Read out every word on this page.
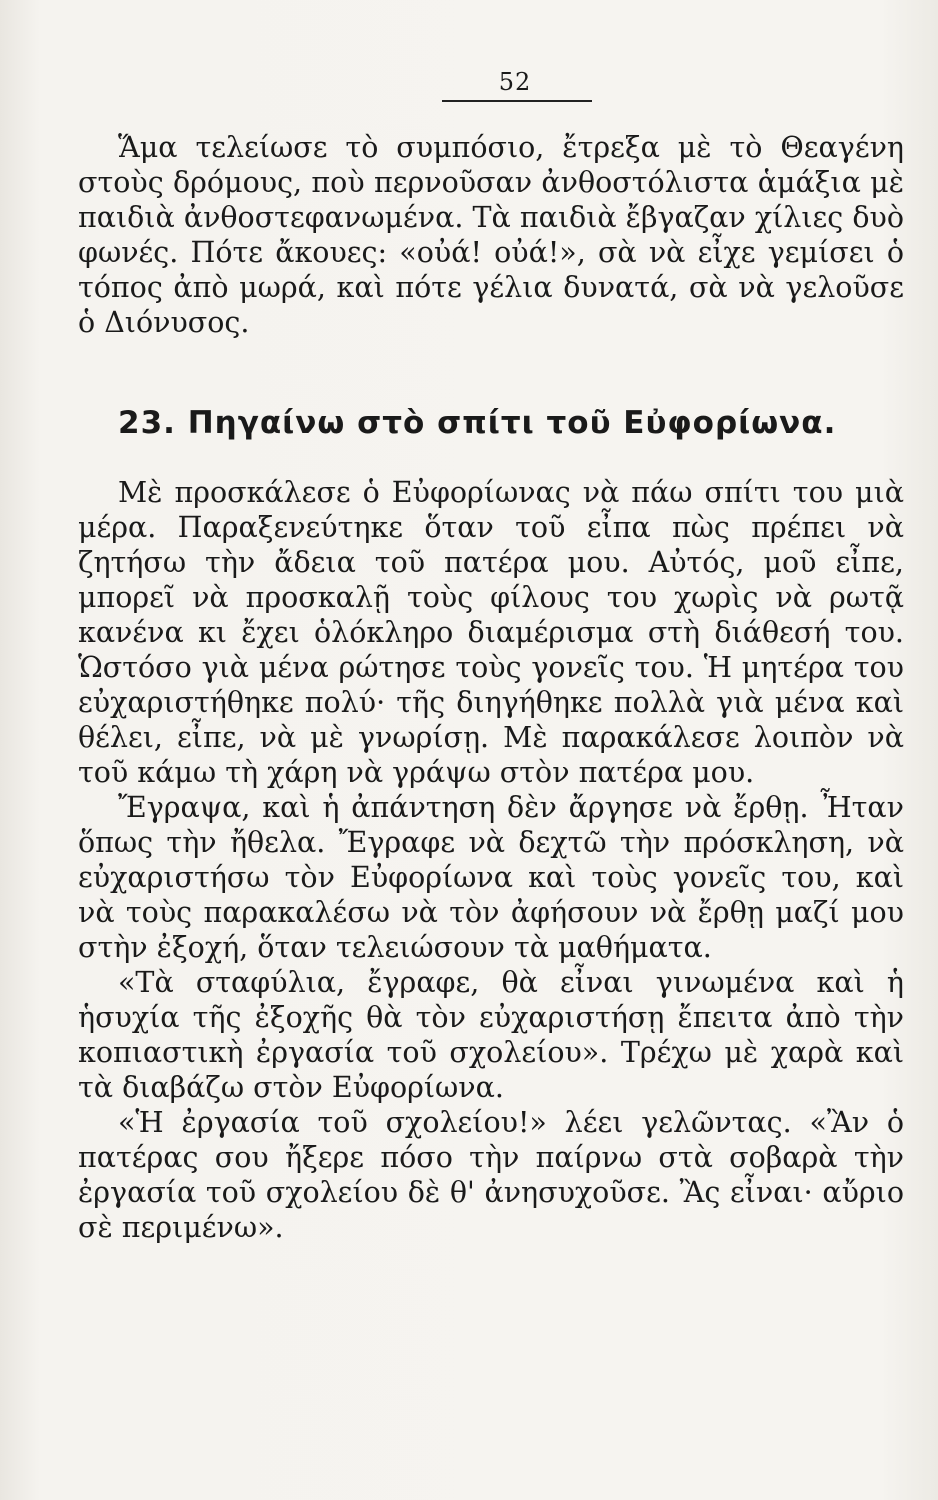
52

Ἅμα τελείωσε τὸ συμπόσιο, ἔτρεξα μὲ τὸ Θεαγένη στοὺς δρόμους, ποὺ περνοῦσαν ἀνθοστόλιστα ἁμάξια μὲ παιδιὰ ἀνθοστεφανωμένα. Τὰ παιδιὰ ἔβγαζαν χίλιες δυὸ φωνές. Πότε ἄκουες: «οὐά! οὐά!», σὰ νὰ εἶχε γεμίσει ὁ τόπος ἀπὸ μωρά, καὶ πότε γέλια δυνατά, σὰ νὰ γελοῦσε ὁ Διόνυσος.

23. Πηγαίνω στὸ σπίτι τοῦ Εὐφορίωνα.

Μὲ προσκάλεσε ὁ Εὐφορίωνας νὰ πάω σπίτι του μιὰ μέρα. Παραξενεύτηκε ὅταν τοῦ εἶπα πὼς πρέπει νὰ ζητήσω τὴν ἄδεια τοῦ πατέρα μου. Αὐτός, μοῦ εἶπε, μπορεῖ νὰ προσκαλῇ τοὺς φίλους του χωρὶς νὰ ρωτᾷ κανένα κι ἔχει ὁλόκληρο διαμέρισμα στὴ διάθεσή του. Ὡστόσο γιὰ μένα ρώτησε τοὺς γονεῖς του. Ἡ μητέρα του εὐχαριστήθηκε πολύ· τῆς διηγήθηκε πολλὰ γιὰ μένα καὶ θέλει, εἶπε, νὰ μὲ γνωρίσῃ. Μὲ παρακάλεσε λοιπὸν νὰ τοῦ κάμω τὴ χάρη νὰ γράψω στὸν πατέρα μου.

Ἔγραψα, καὶ ἡ ἀπάντηση δὲν ἄργησε νὰ ἔρθῃ. Ἦταν ὅπως τὴν ἤθελα. Ἔγραφε νὰ δεχτῶ τὴν πρόσκληση, νὰ εὐχαριστήσω τὸν Εὐφορίωνα καὶ τοὺς γονεῖς του, καὶ νὰ τοὺς παρακαλέσω νὰ τὸν ἀφήσουν νὰ ἔρθῃ μαζί μου στὴν ἐξοχή, ὅταν τελειώσουν τὰ μαθήματα.

«Τὰ σταφύλια, ἔγραφε, θὰ εἶναι γινωμένα καὶ ἡ ἡσυχία τῆς ἐξοχῆς θὰ τὸν εὐχαριστήσῃ ἔπειτα ἀπὸ τὴν κοπιαστικὴ ἐργασία τοῦ σχολείου». Τρέχω μὲ χαρὰ καὶ τὰ διαβάζω στὸν Εὐφορίωνα.

«Ἡ ἐργασία τοῦ σχολείου!» λέει γελῶντας. «Ἂν ὁ πατέρας σου ἤξερε πόσο τὴν παίρνω στὰ σοβαρὰ τὴν ἐργασία τοῦ σχολείου δὲ θ' ἀνησυχοῦσε. Ἂς εἶναι· αὔριο σὲ περιμένω».
